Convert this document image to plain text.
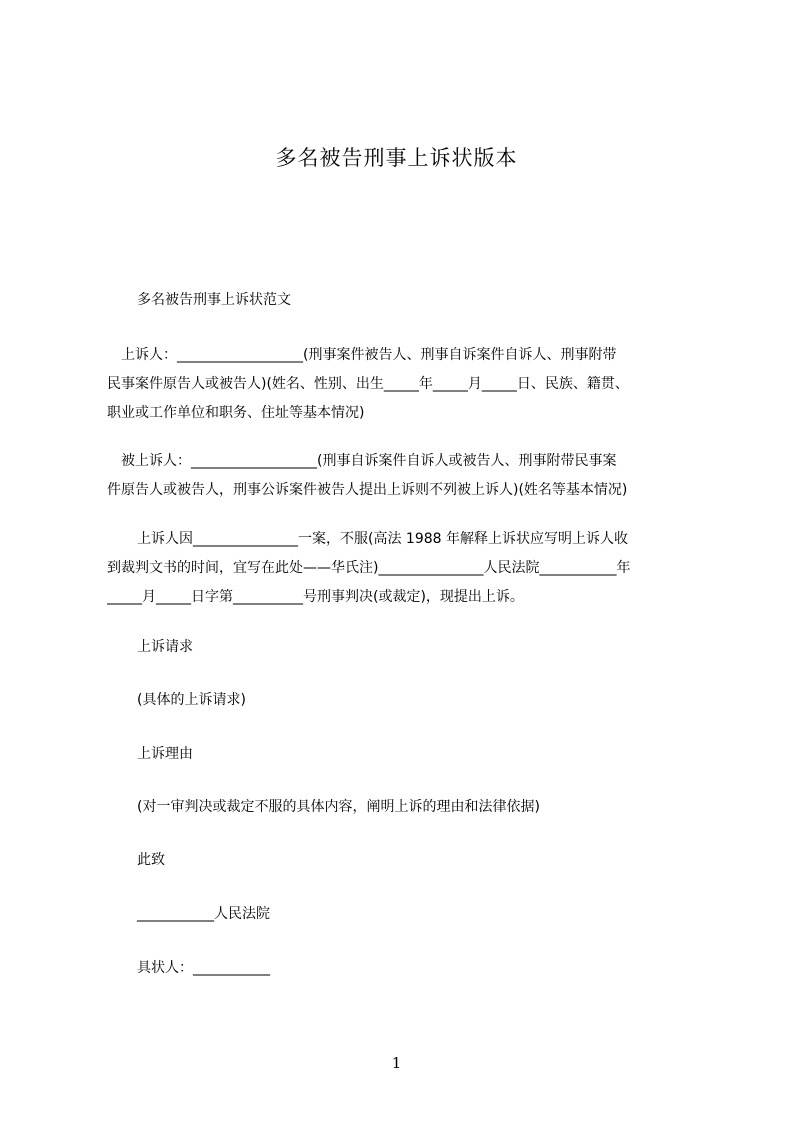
多名被告刑事上诉状版本
多名被告刑事上诉状范文
　上诉人：__________________(刑事案件被告人、刑事自诉案件自诉人、刑事附带
民事案件原告人或被告人)(姓名、性别、出生_____年_____月_____日、民族、籍贯、
职业或工作单位和职务、住址等基本情况)
　被上诉人：__________________(刑事自诉案件自诉人或被告人、刑事附带民事案
件原告人或被告人，刑事公诉案件被告人提出上诉则不列被上诉人)(姓名等基本情况)
上诉人因_______________一案，不服(高法 1988 年解释上诉状应写明上诉人收
到裁判文书的时间，宜写在此处——华氏注)_______________人民法院___________年
_____月_____日字第__________号刑事判决(或裁定)，现提出上诉。
上诉请求
(具体的上诉请求)
上诉理由
(对一审判决或裁定不服的具体内容，阐明上诉的理由和法律依据)
此致
___________人民法院
具状人：___________
1
